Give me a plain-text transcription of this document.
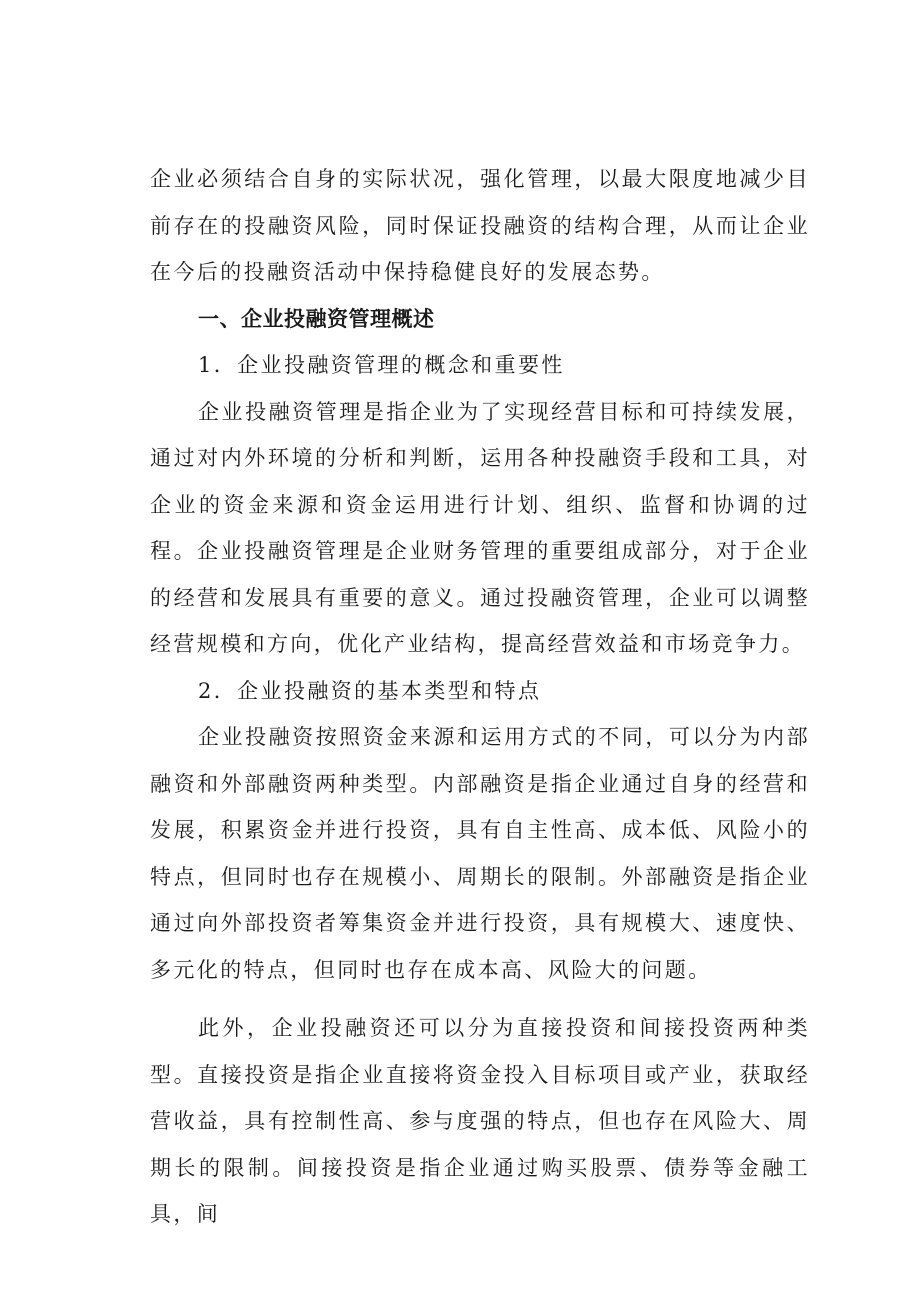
企业必须结合自身的实际状况，强化管理，以最大限度地减少目前存在的投融资风险，同时保证投融资的结构合理，从而让企业在今后的投融资活动中保持稳健良好的发展态势。

一、企业投融资管理概述

1．企业投融资管理的概念和重要性

企业投融资管理是指企业为了实现经营目标和可持续发展，通过对内外环境的分析和判断，运用各种投融资手段和工具，对企业的资金来源和资金运用进行计划、组织、监督和协调的过程。企业投融资管理是企业财务管理的重要组成部分，对于企业的经营和发展具有重要的意义。通过投融资管理，企业可以调整经营规模和方向，优化产业结构，提高经营效益和市场竞争力。

2．企业投融资的基本类型和特点

企业投融资按照资金来源和运用方式的不同，可以分为内部融资和外部融资两种类型。内部融资是指企业通过自身的经营和发展，积累资金并进行投资，具有自主性高、成本低、风险小的特点，但同时也存在规模小、周期长的限制。外部融资是指企业通过向外部投资者筹集资金并进行投资，具有规模大、速度快、多元化的特点，但同时也存在成本高、风险大的问题。

此外，企业投融资还可以分为直接投资和间接投资两种类型。直接投资是指企业直接将资金投入目标项目或产业，获取经营收益，具有控制性高、参与度强的特点，但也存在风险大、周期长的限制。间接投资是指企业通过购买股票、债券等金融工具，间
